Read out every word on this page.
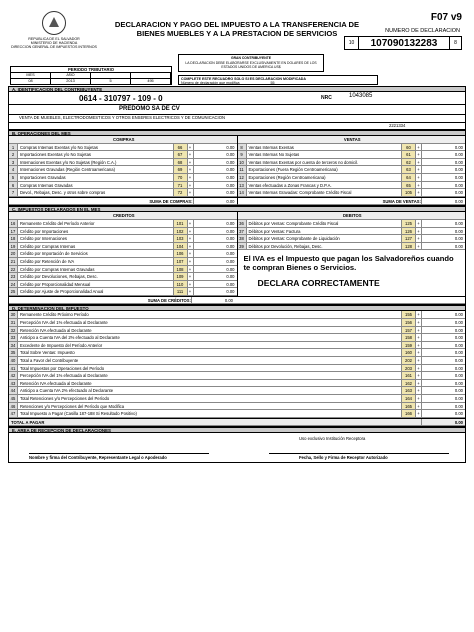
REPUBLICA DE EL SALVADOR
MINISTERIO DE HACIENDA
DIRECCION GENERAL DE IMPUESTOS INTERNOS
DECLARACION Y PAGO DEL IMPUESTO A LA TRANSFERENCIA DE BIENES MUEBLES Y A LA PRESTACION DE SERVICIOS
F07 v9
NUMERO DE DECLARACION
10	107090132283	8
GRAN CONTRIBUYENTE
LA DECLARACION DEBE ELABORARSE EXCLUSIVAMENTE EN DOLARES DE LOS ESTADOS UNIDOS DE AMERICA US$
PERIODO TRIBUTARIO
MES	AÑO
08	2013	5	495	COMPLETE ESTE RECUADRO SOLO SI ES DECLARACION MODIFICADA
Número de declaración que modifica	55
A. IDENTIFICACION DEL CONTRIBUYENTE
0614 - 310797 - 109 - 0	NRC	1043085
PREDOMO SA DE CV
VENTA DE MUEBLES, ELECTRODOMESTICOS Y OTROS ENSERES ELECTRICOS Y DE COMUNICACION
2221334
B. OPERACIONES DEL MES
COMPRAS
1	Compras Internas Exentas y/o No Sujetas	66	+	0.00
2	Importaciones Exentas y/o No Sujetas	67	+	0.00
3	Internaciones Exentas y/o No Sujetas (Región C.A.)	68	+	0.00
4	Internaciones Gravadas (Región Centroamericana)	69	+	0.00
5	Importaciones Gravadas	70	+	0.00
6	Compras Internas Gravadas	71	+	0.00
7	Devol., Rebajas, Desc. y otros sobre compras	72	+	0.00
VENTAS
8	Ventas Internas Exentas	60	+	0.00
9	Ventas Internas No Sujetas	61	+	0.00
10	Ventas Internas Exentas por cuenta de terceros no domicil.	62	+	0.00
11	Exportaciones (Fuera Región Centroamericana)	63	+	0.00
12	Exportaciones (Región Centroamericana)	64	+	0.00
13	Ventas efectuadas a Zonas Francas y D.P.A.	65	+	0.00
14	Ventas Internas Gravadas: Comprobante Crédito Fiscal	105	+	0.00
SUMA DE COMPRAS:	0.00	SUMA DE VENTAS:	0.00
C. IMPUESTOS DECLARADOS EN EL MES
CREDITOS
16	Remanente Crédito del Período Anterior	101	+	0.00
17	Crédito por Importaciones	102	+	0.00
18	Crédito por Internaciones	103	+	0.00
19	Crédito por Compras Internas	104	+	0.00
20	Crédito por Importación de Servicios	106	+	0.00
21	Crédito por Retención de IVA	107	+	0.00
22	Crédito por Compras Internas Gravadas	108	+	0.00
23	Crédito por Devoluciones, Rebajas, Desc.	109	+	0.00
24	Crédito por Proporcionalidad Mensual	110	+	0.00
25	Crédito por Ajuste de Proporcionalidad Anual	111	+	0.00
DEBITOS
36	Débitos por Ventas: Comprobante Crédito Fiscal	125	+	0.00
37	Débitos por Ventas: Factura	126	+	0.00
38	Débitos por Ventas: Comprobante de Liquidación	127	+	0.00
39	Débitos por Devolución, Rebajas, Desc.	128	+	0.00
El IVA es el Impuesto que pagan los Salvadoreños cuando te compran Bienes o Servicios.
DECLARA CORRECTAMENTE
SUMA DE CRÉDITOS:	0.00
D. DETERMINACION DEL IMPUESTO
30	Remanente Crédito Próximo Período	155	+	0.00
31	Percepción IVA del 1% efectuada al Declarante	156	+	0.00
32	Retención IVA efectuada al Declarante	157	+	0.00
33	Anticipo a Cuenta IVA del 2% efectuado al Declarante	158	+	0.00
34	Excedente de Impuesto del Período Anterior	159	+	0.00
35	Total Sobre Ventas: Impuesto	160	+	0.00
40	Total a Favor del Contribuyente	202	+	0.00
41	Total Impuestos por Operaciones del Período	203	+	0.00
42	Percepción IVA del 1% efectuada al Declarante	161	+	0.00
43	Retención IVA efectuada al Declarante	162	+	0.00
44	Anticipo a Cuenta IVA 2% efectuado al Declarante	163	+	0.00
45	Total Retenciones y/o Percepciones del Período	164	+	0.00
46	Retenciones y/o Percepciones del Período que Modifica	165	+	0.00
47	Total Impuesto a Pagar (Casilla 187-188 Si Resultado Positivo)	166	+	0.00
TOTAL A PAGAR	0.00
E. AREA DE RECEPCION DE DECLARACIONES
Nombre y firma del Contribuyente, Representante Legal o Apoderado
Uso exclusivo Institución Receptora
Fecha, Sello y Firma de Receptor Autorizado
